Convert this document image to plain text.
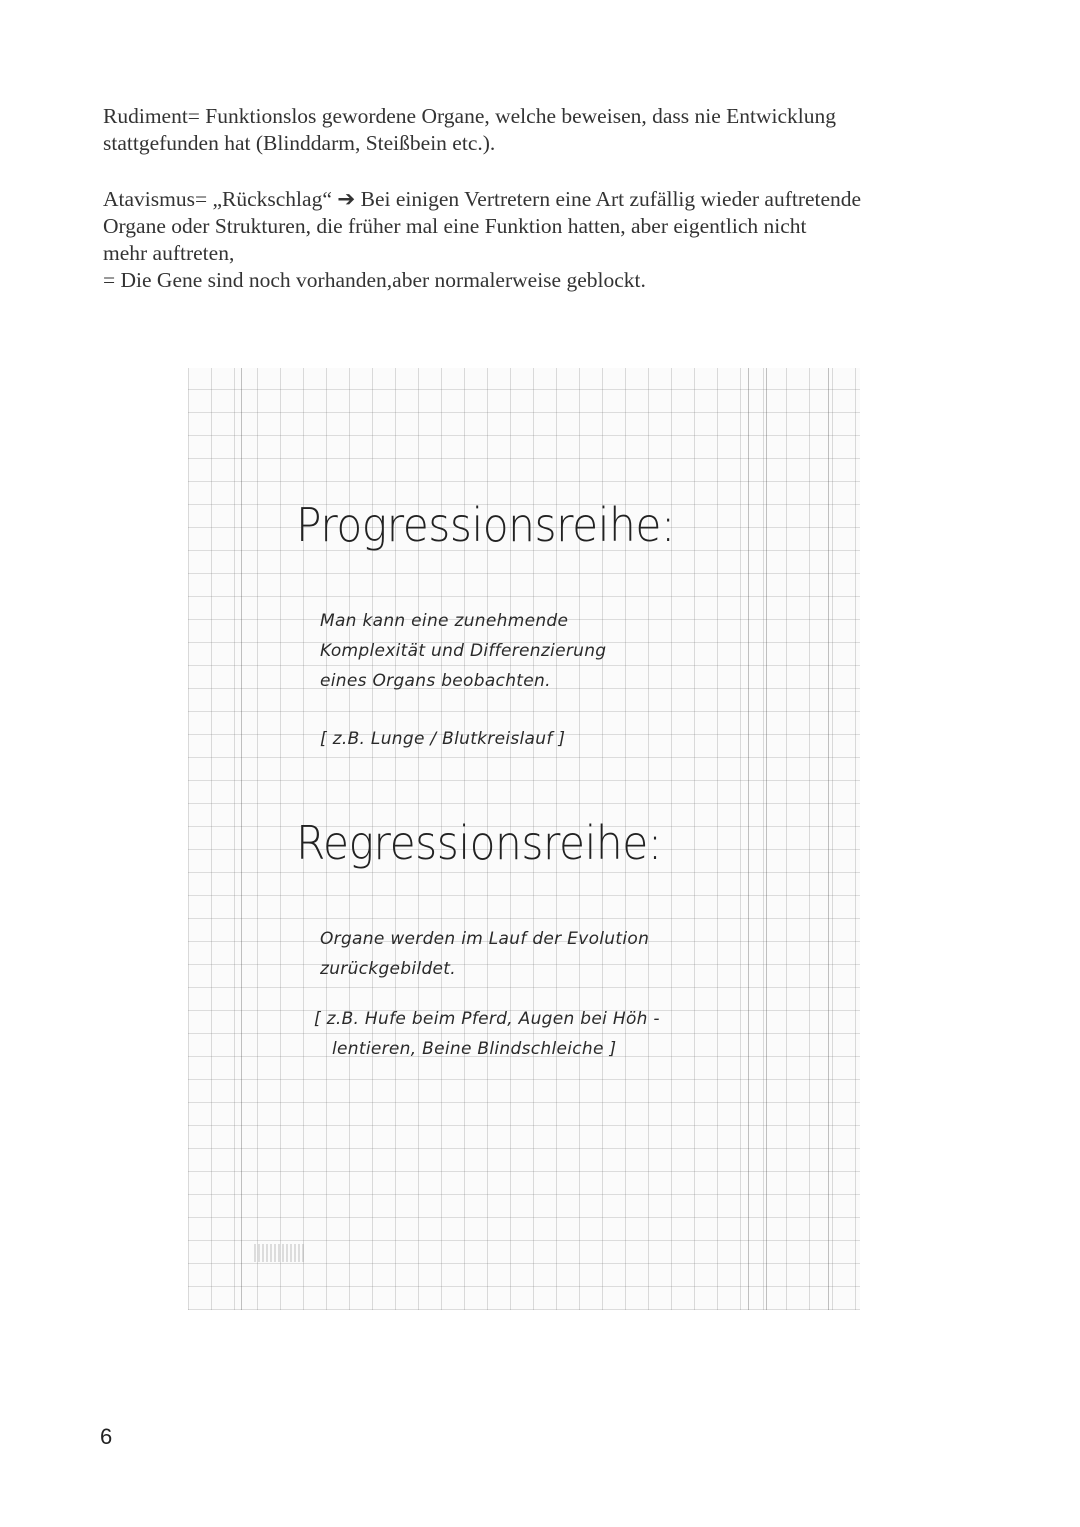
Rudiment= Funktionslos gewordene Organe, welche beweisen, dass nie Entwicklung
stattgefunden hat (Blinddarm, Steißbein etc.).
Atavismus= „Rückschlag“ ➔ Bei einigen Vertretern eine Art zufällig wieder auftretende
Organe oder Strukturen, die früher mal eine Funktion hatten, aber eigentlich nicht
mehr auftreten,
= Die Gene sind noch vorhanden,aber normalerweise geblockt.
Progressionsreihe:
Man kann eine zunehmende
Komplexität und Differenzierung
eines Organs beobachten.
[ z.B. Lunge / Blutkreislauf ]
Regressionsreihe:
Organe werden im Lauf der Evolution
zurückgebildet.
[ z.B. Hufe beim Pferd, Augen bei Höh -
lentieren, Beine Blindschleiche ]
6
